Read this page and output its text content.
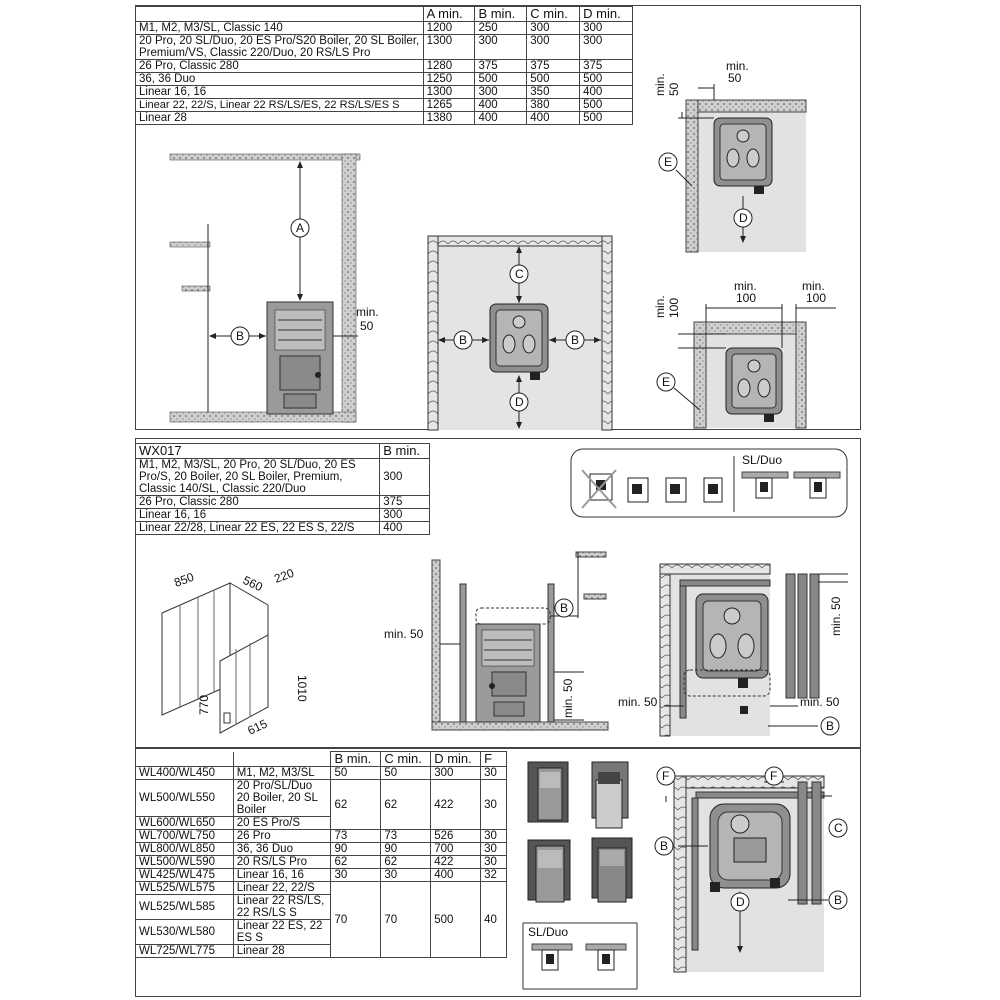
	A min.	B min.	C min.	D min.
M1, M2, M3/SL, Classic 140	1200	250	300	300
20 Pro, 20 SL/Duo, 20 ES Pro/S20 Boiler, 20 SL Boiler, Premium/VS, Classic 220/Duo, 20 RS/LS Pro	1300	300	300	300
26 Pro, Classic 280	1280	375	375	375
36, 36 Duo	1250	500	500	500
Linear 16, 16	1300	300	350	400
Linear 22, 22/S, Linear 22 RS/LS/ES, 22 RS/LS/ES S	1265	400	380	500
Linear 28	1380	400	400	500
WX017	B min.
M1, M2, M3/SL, 20 Pro, 20 SL/Duo, 20 ES Pro/S, 20 Boiler, 20 SL Boiler, Premium, Classic 140/SL, Classic 220/Duo	300
26 Pro, Classic 280	375
Linear 16, 16	300
Linear 22/28, Linear 22 ES, 22 ES S, 22/S	400
		B min.	C min.	D min.	F
WL400/WL450	M1, M2, M3/SL	50	50	300	30
WL500/WL550	20 Pro/SL/Duo 20 Boiler, 20 SL Boiler	62	62	422	30
WL600/WL650	20 ES Pro/S				
WL700/WL750	26 Pro	73	73	526	30
WL800/WL850	36, 36 Duo	90	90	700	30
WL500/WL590	20 RS/LS Pro	62	62	422	30
WL425/WL475	Linear 16, 16	30	30	400	32
WL525/WL575	Linear 22, 22/S	70	70	500	40
WL525/WL585	Linear 22 RS/LS, 22 RS/LS S				
WL530/WL580	Linear 22 ES, 22 ES S				
WL725/WL775	Linear 28				
A
B
min.
50
C
B	B
D
min. 50
min.
50
E
D
min. 100
min.
100
min.
100
E
SL/Duo
850	560 220
1010
770
615
min. 50
B
min. 50
min. 50
min. 50	min. 50
B
SL/Duo
F	F
C
B
B
D
